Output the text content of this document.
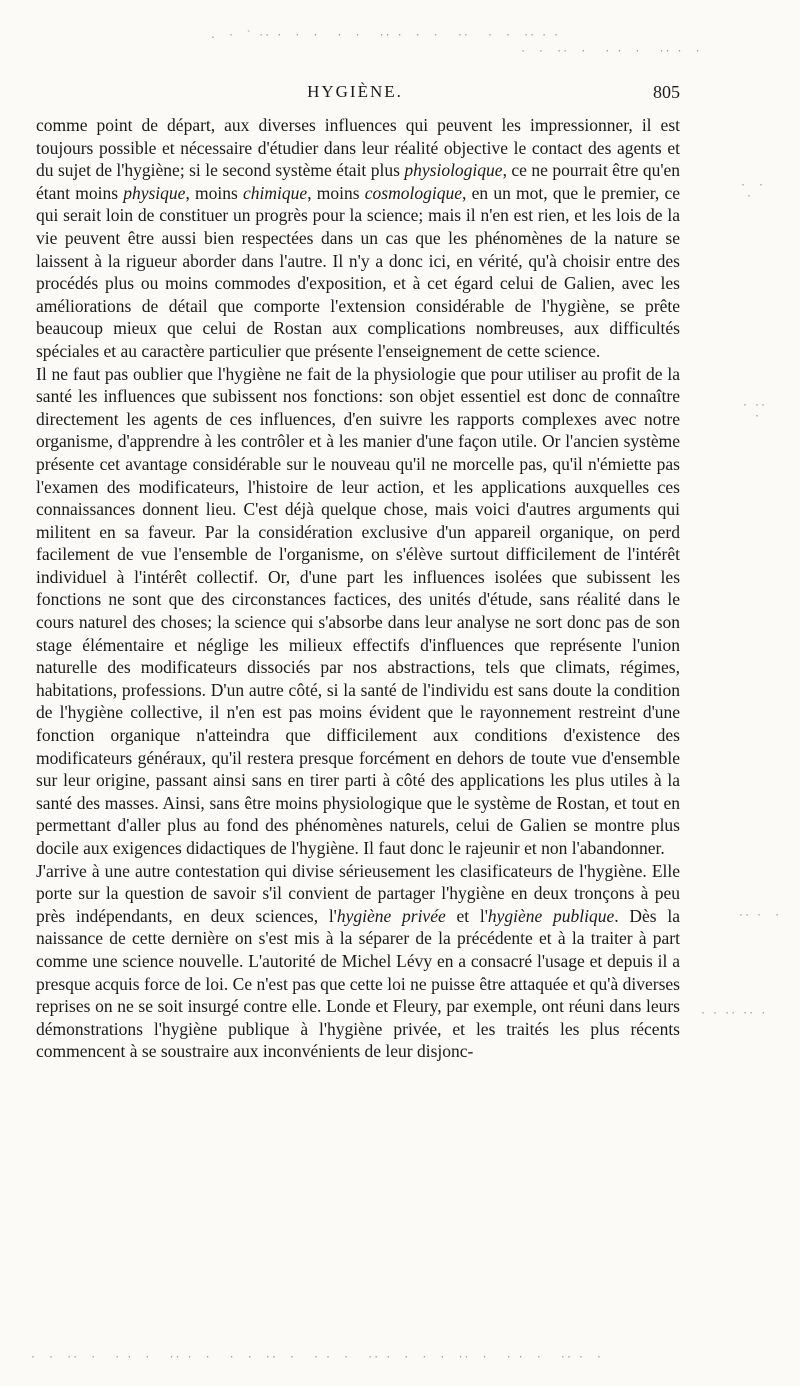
.  ·  ` ·· ·  ·  ·   ·  ·   ·· ·  ·  ·   ··   ·  ·  ·· · ·
·  ·  ··  ·   · ·  ·   ·· ·  ·
HYGIÈNE.	805

comme point de départ, aux diverses influences qui peuvent les impressionner, il est toujours possible et nécessaire d'étudier dans leur réalité objective le contact des agents et du sujet de l'hygiène; si le second système était plus physiologique, ce ne pourrait être qu'en étant moins physique, moins chimique, moins cosmologique, en un mot, que le premier, ce qui serait loin de constituer un progrès pour la science; mais il n'en est rien, et les lois de la vie peuvent être aussi bien respectées dans un cas que les phénomènes de la nature se laissent à la rigueur aborder dans l'autre. Il n'y a donc ici, en vérité, qu'à choisir entre des procédés plus ou moins commodes d'exposition, et à cet égard celui de Galien, avec les améliorations de détail que comporte l'extension considérable de l'hygiène, se prête beaucoup mieux que celui de Rostan aux complications nombreuses, aux difficultés spéciales et au caractère particulier que présente l'enseignement de cette science.

Il ne faut pas oublier que l'hygiène ne fait de la physiologie que pour utiliser au profit de la santé les influences que subissent nos fonctions: son objet essentiel est donc de connaître directement les agents de ces influences, d'en suivre les rapports complexes avec notre organisme, d'apprendre à les contrôler et à les manier d'une façon utile. Or l'ancien système présente cet avantage considérable sur le nouveau qu'il ne morcelle pas, qu'il n'émiette pas l'examen des modificateurs, l'histoire de leur action, et les applications auxquelles ces connaissances donnent lieu. C'est déjà quelque chose, mais voici d'autres arguments qui militent en sa faveur. Par la considération exclusive d'un appareil organique, on perd facilement de vue l'ensemble de l'organisme, on s'élève surtout difficilement de l'intérêt individuel à l'intérêt collectif. Or, d'une part les influences isolées que subissent les fonctions ne sont que des circonstances factices, des unités d'étude, sans réalité dans le cours naturel des choses; la science qui s'absorbe dans leur analyse ne sort donc pas de son stage élémentaire et néglige les milieux effectifs d'influences que représente l'union naturelle des modificateurs dissociés par nos abstractions, tels que climats, régimes, habitations, professions. D'un autre côté, si la santé de l'individu est sans doute la condition de l'hygiène collective, il n'en est pas moins évident que le rayonnement restreint d'une fonction organique n'atteindra que difficilement aux conditions d'existence des modificateurs généraux, qu'il restera presque forcément en dehors de toute vue d'ensemble sur leur origine, passant ainsi sans en tirer parti à côté des applications les plus utiles à la santé des masses. Ainsi, sans être moins physiologique que le système de Rostan, et tout en permettant d'aller plus au fond des phénomènes naturels, celui de Galien se montre plus docile aux exigences didactiques de l'hygiène. Il faut donc le rajeunir et non l'abandonner.

J'arrive à une autre contestation qui divise sérieusement les clasificateurs de l'hygiène. Elle porte sur la question de savoir s'il convient de partager l'hygiène en deux tronçons à peu près indépendants, en deux sciences, l'hygiène privée et l'hygiène publique. Dès la naissance de cette dernière on s'est mis à la séparer de la précédente et à la traiter à part comme une science nouvelle. L'autorité de Michel Lévy en a consacré l'usage et depuis il a presque acquis force de loi. Ce n'est pas que cette loi ne puisse être attaquée et qu'à diverses reprises on ne se soit insurgé contre elle. Londe et Fleury, par exemple, ont réuni dans leurs démonstrations l'hygiène publique à l'hygiène privée, et les traités les plus récents commencent à se soustraire aux inconvénients de leur disjonc-

·  ·
·
· ··
·
·· ·  ·
· · ·· ·· ·
·  ·  ··  ·   · ·  ·   ·· ·  ·   ·  ·  ··  ·   · ·  ·   ·· ·  ·  ·  ·  ··  ·   · ·  ·   ·· ·  ·
